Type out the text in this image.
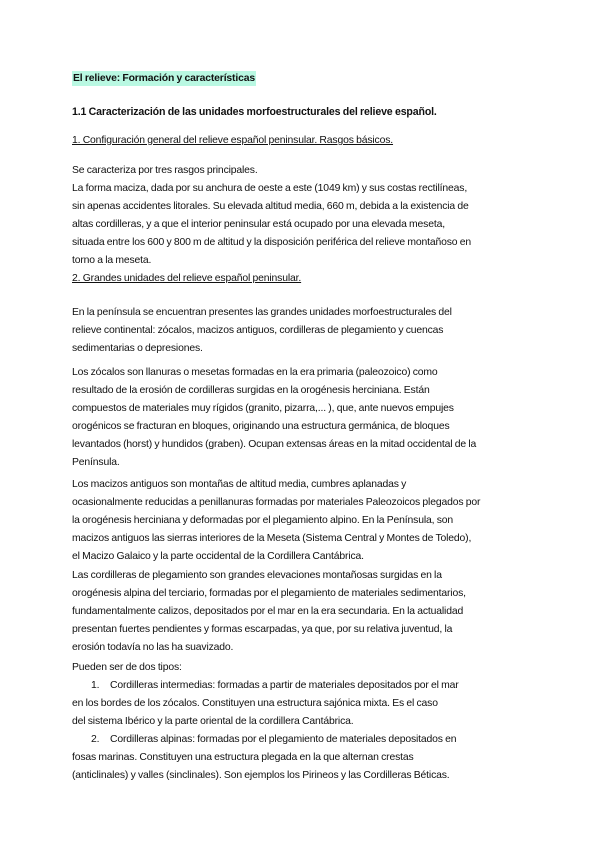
El relieve: Formación y características
1.1 Caracterización de las unidades morfoestructurales del relieve español.
1. Configuración general del relieve español peninsular. Rasgos básicos.

Se caracteriza por tres rasgos principales.

La forma maciza, dada por su anchura de oeste a este (1049 km) y sus costas rectilíneas,

sin apenas accidentes litorales. Su elevada altitud media, 660 m, debida a la existencia de

altas cordilleras, y a que el interior peninsular está ocupado por una elevada meseta,

situada entre los 600 y 800 m de altitud y la disposición periférica del relieve montañoso en

torno a la meseta.

2. Grandes unidades del relieve español peninsular.

En la península se encuentran presentes las grandes unidades morfoestructurales del

relieve continental: zócalos, macizos antiguos, cordilleras de plegamiento y cuencas

sedimentarias o depresiones.

Los zócalos son llanuras o mesetas formadas en la era primaria (paleozoico) como

resultado de la erosión de cordilleras surgidas en la orogénesis herciniana. Están

compuestos de materiales muy rígidos (granito, pizarra,... ), que, ante nuevos empujes

orogénicos se fracturan en bloques, originando una estructura germánica, de bloques

levantados (horst) y hundidos (graben). Ocupan extensas áreas en la mitad occidental de la

Península.

Los macizos antiguos son montañas de altitud media, cumbres aplanadas y

ocasionalmente reducidas a penillanuras formadas por materiales Paleozoicos plegados por

la orogénesis herciniana y deformadas por el plegamiento alpino. En la Península, son

macizos antiguos las sierras interiores de la Meseta (Sistema Central y Montes de Toledo),

el Macizo Galaico y la parte occidental de la Cordillera Cantábrica.

Las cordilleras de plegamiento son grandes elevaciones montañosas surgidas en la

orogénesis alpina del terciario, formadas por el plegamiento de materiales sedimentarios,

fundamentalmente calizos, depositados por el mar en la era secundaria. En la actualidad

presentan fuertes pendientes y formas escarpadas, ya que, por su relativa juventud, la

erosión todavía no las ha suavizado.

Pueden ser de dos tipos:

1. Cordilleras intermedias: formadas a partir de materiales depositados por el mar

en los bordes de los zócalos. Constituyen una estructura sajónica mixta. Es el caso

del sistema Ibérico y la parte oriental de la cordillera Cantábrica.

2. Cordilleras alpinas: formadas por el plegamiento de materiales depositados en

fosas marinas. Constituyen una estructura plegada en la que alternan crestas

(anticlinales) y valles (sinclinales). Son ejemplos los Pirineos y las Cordilleras Béticas.
